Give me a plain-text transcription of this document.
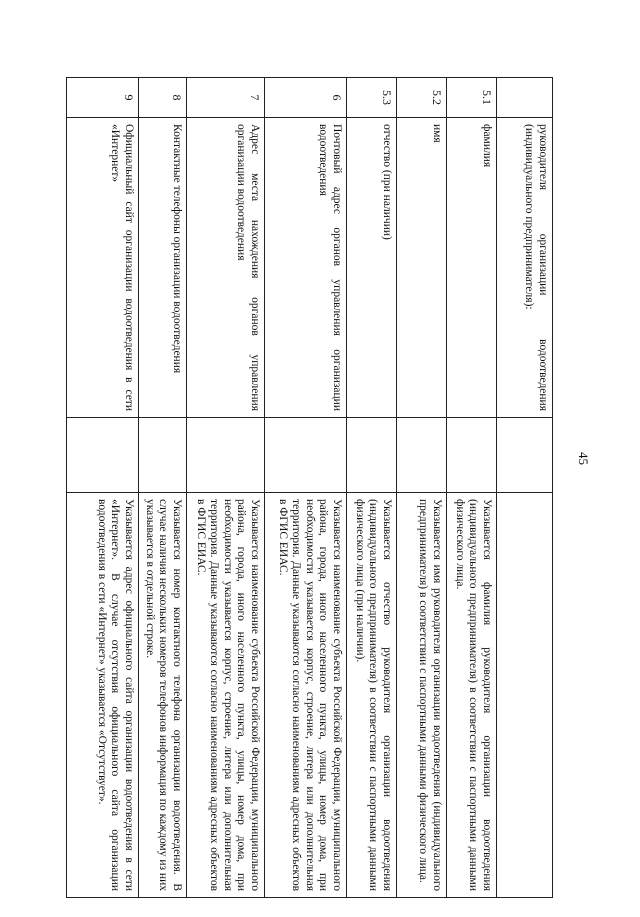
45
	руководителя организации водоотведения (индивидуального предпринимателя):		
5.1	фамилия		Указывается фамилия руководителя организации водоотведения (индивидуального предпринимателя) в соответствии с паспортными данными физического лица.
5.2	имя		Указывается имя руководителя организации водоотведения (индивидуального предпринимателя) в соответствии с паспортными данными физического лица.
5.3	отчество (при наличии)		Указывается отчество руководителя организации водоотведения (индивидуального предпринимателя) в соответствии с паспортными данными физического лица (при наличии).
6	Почтовый адрес органов управления организации водоотведения		Указывается наименование субъекта Российской Федерации, муниципального района, города, иного населенного пункта, улицы, номер дома, при необходимости указывается корпус, строение, литера или дополнительная территория. Данные указываются согласно наименованиям адресных объектов в ФГИС ЕИАС.
7	Адрес места нахождения органов управления организации водоотведения		Указывается наименование субъекта Российской Федерации, муниципального района, города, иного населенного пункта, улицы, номер дома, при необходимости указывается корпус, строение, литера или дополнительная территория. Данные указываются согласно наименованиям адресных объектов в ФГИС ЕИАС.
8	Контактные телефоны организации водоотведения		Указывается номер контактного телефона организации водоотведения. В случае наличия нескольких номеров телефонов информация по каждому из них указывается в отдельной строке.
9	Официальный сайт организации водоотведения в сети «Интернет»		Указывается адрес официального сайта организации водоотведения в сети «Интернет». В случае отсутствия официального сайта организации водоотведения в сети «Интернет» указывается «Отсутствует».
